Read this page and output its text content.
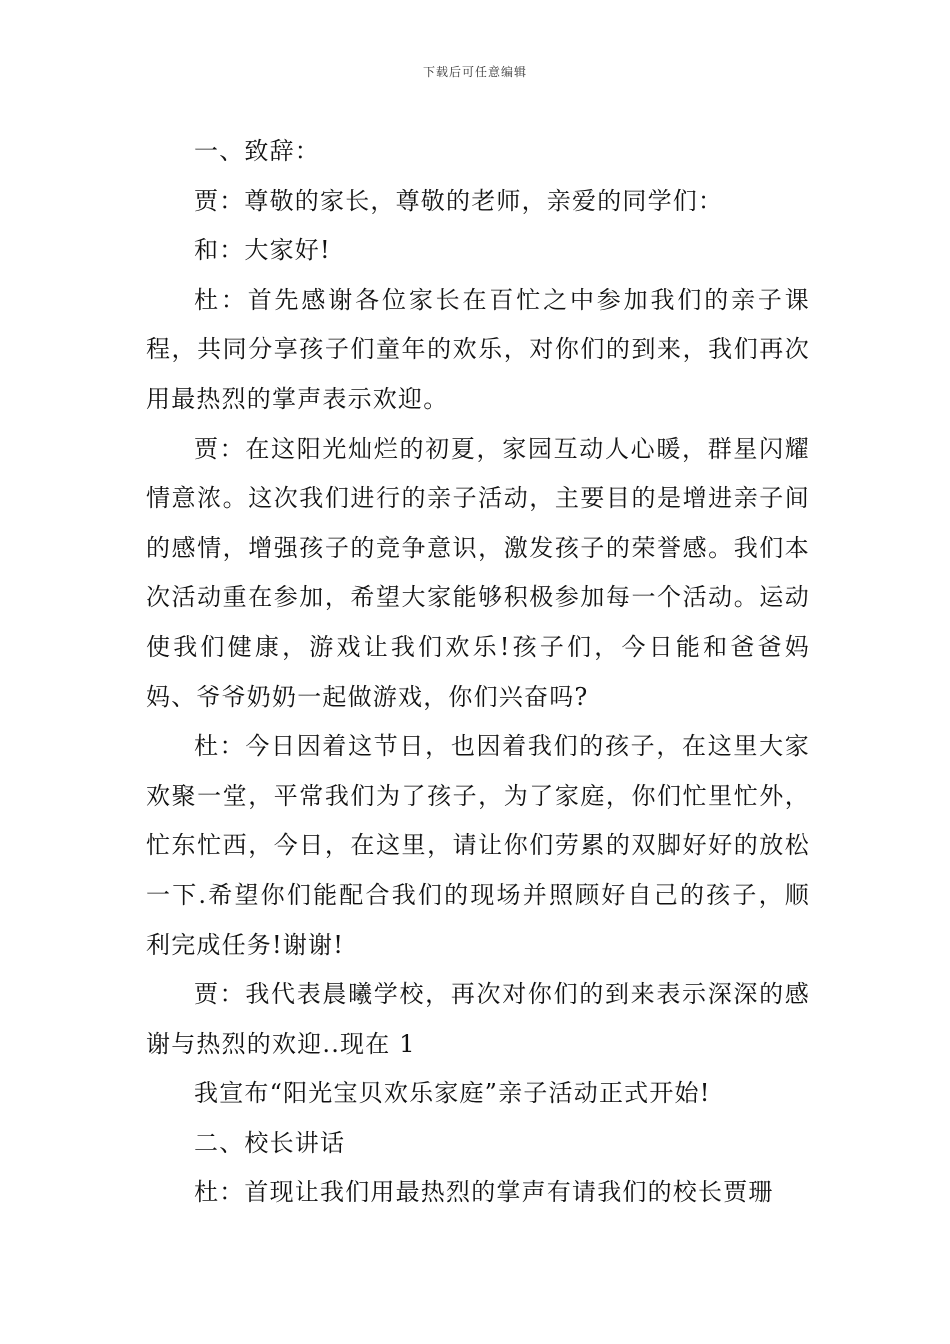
下载后可任意编辑

一、致辞：

贾：尊敬的家长，尊敬的老师，亲爱的同学们：

和：大家好!

杜：首先感谢各位家长在百忙之中参加我们的亲子课程，共同分享孩子们童年的欢乐，对你们的到来，我们再次用最热烈的掌声表示欢迎。

贾：在这阳光灿烂的初夏，家园互动人心暖，群星闪耀情意浓。这次我们进行的亲子活动，主要目的是增进亲子间的感情，增强孩子的竞争意识，激发孩子的荣誉感。我们本次活动重在参加，希望大家能够积极参加每一个活动。运动使我们健康，游戏让我们欢乐!孩子们，今日能和爸爸妈妈、爷爷奶奶一起做游戏，你们兴奋吗?

杜：今日因着这节日，也因着我们的孩子，在这里大家欢聚一堂，平常我们为了孩子，为了家庭，你们忙里忙外，忙东忙西，今日，在这里，请让你们劳累的双脚好好的放松一下.希望你们能配合我们的现场并照顾好自己的孩子，顺利完成任务!谢谢!

贾：我代表晨曦学校，再次对你们的到来表示深深的感谢与热烈的欢迎..现在 1

我宣布“阳光宝贝欢乐家庭”亲子活动正式开始!

二、校长讲话

杜：首现让我们用最热烈的掌声有请我们的校长贾珊
